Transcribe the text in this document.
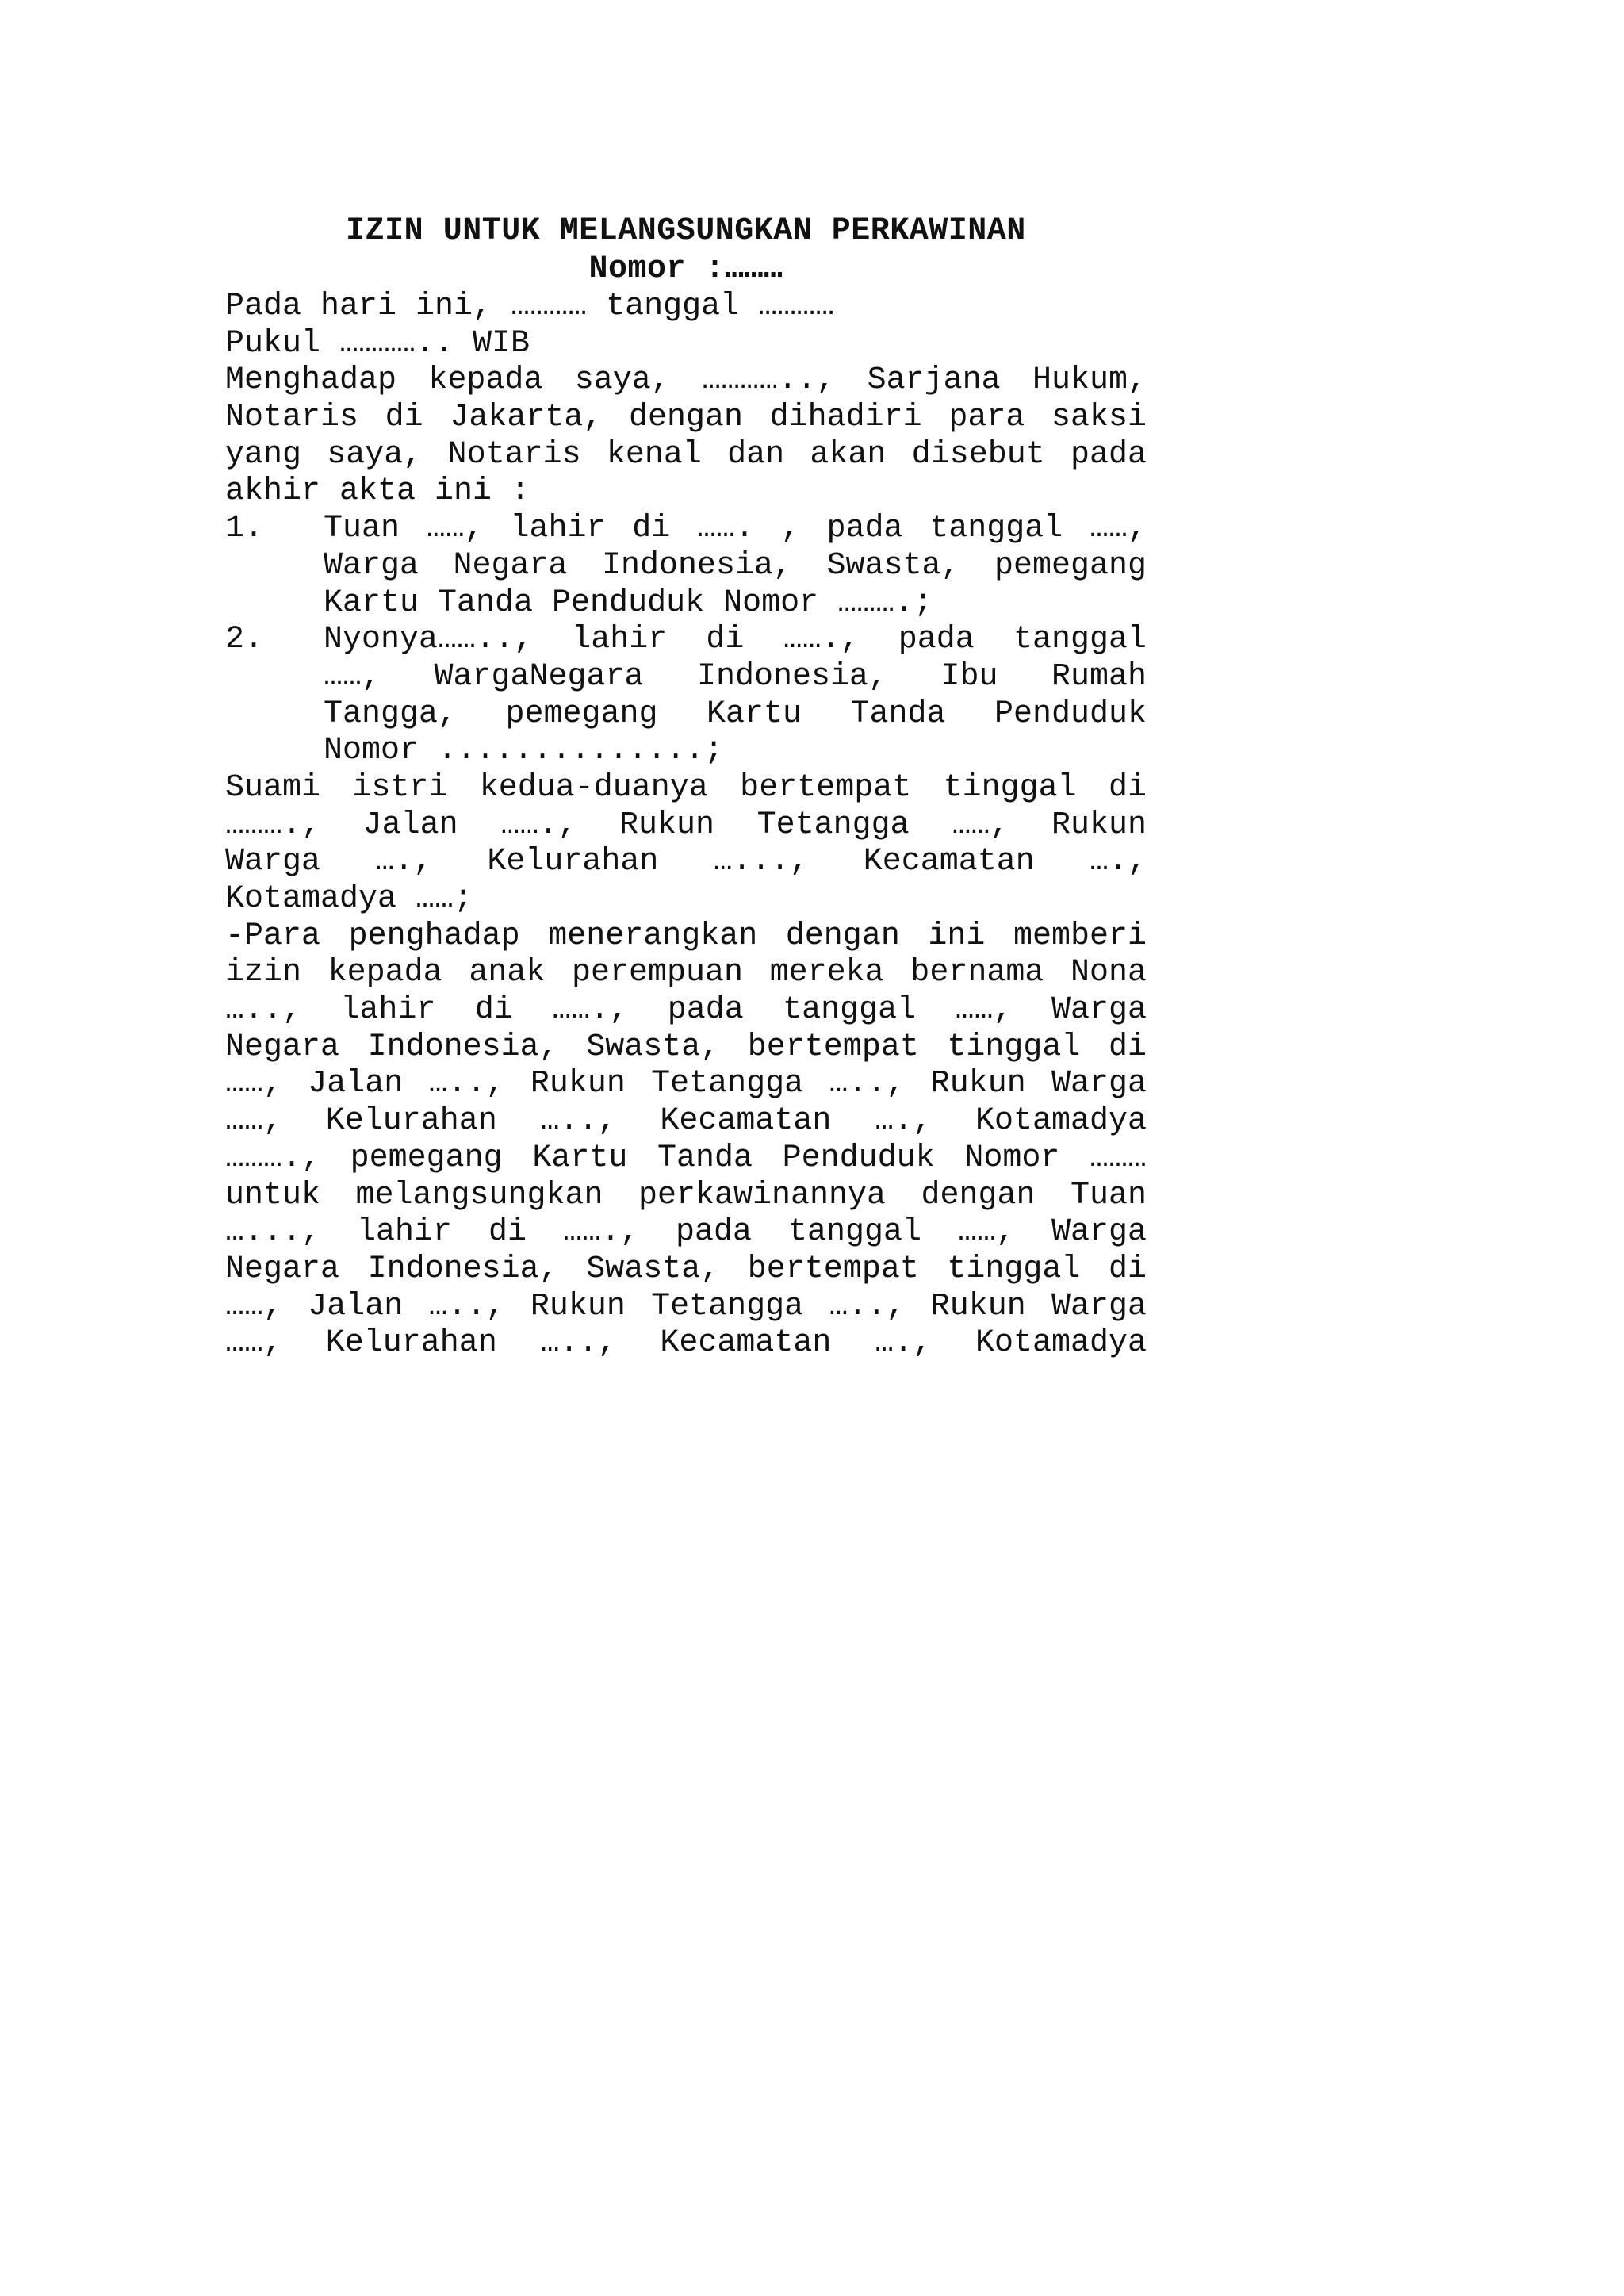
IZIN UNTUK MELANGSUNGKAN PERKAWINAN
Nomor :………
Pada hari ini, ………… tanggal …………
Pukul ………….. WIB
Menghadap kepada saya, ………….., Sarjana Hukum,
Notaris di Jakarta, dengan dihadiri para saksi
yang saya, Notaris kenal dan akan disebut pada
akhir akta ini :
1.	Tuan ……, lahir di ……. , pada tanggal ……,
Warga Negara Indonesia, Swasta, pemegang
Kartu Tanda Penduduk Nomor ……….;
2.	Nyonya…….., lahir di ……., pada tanggal
……, WargaNegara Indonesia, Ibu Rumah
Tangga, pemegang Kartu Tanda Penduduk
Nomor ..............;
Suami istri kedua-duanya bertempat tinggal di
………., Jalan ……., Rukun Tetangga ……, Rukun
Warga …., Kelurahan …..., Kecamatan ….,
Kotamadya ……;
-Para penghadap menerangkan dengan ini memberi
izin kepada anak perempuan mereka bernama Nona
….., lahir di ……., pada tanggal ……, Warga
Negara Indonesia, Swasta, bertempat tinggal di
……, Jalan ….., Rukun Tetangga ….., Rukun Warga
……, Kelurahan ….., Kecamatan …., Kotamadya
………., pemegang Kartu Tanda Penduduk Nomor ………
untuk melangsungkan perkawinannya dengan Tuan
…..., lahir di ……., pada tanggal ……, Warga
Negara Indonesia, Swasta, bertempat tinggal di
……, Jalan ….., Rukun Tetangga ….., Rukun Warga
……, Kelurahan ….., Kecamatan …., Kotamadya
